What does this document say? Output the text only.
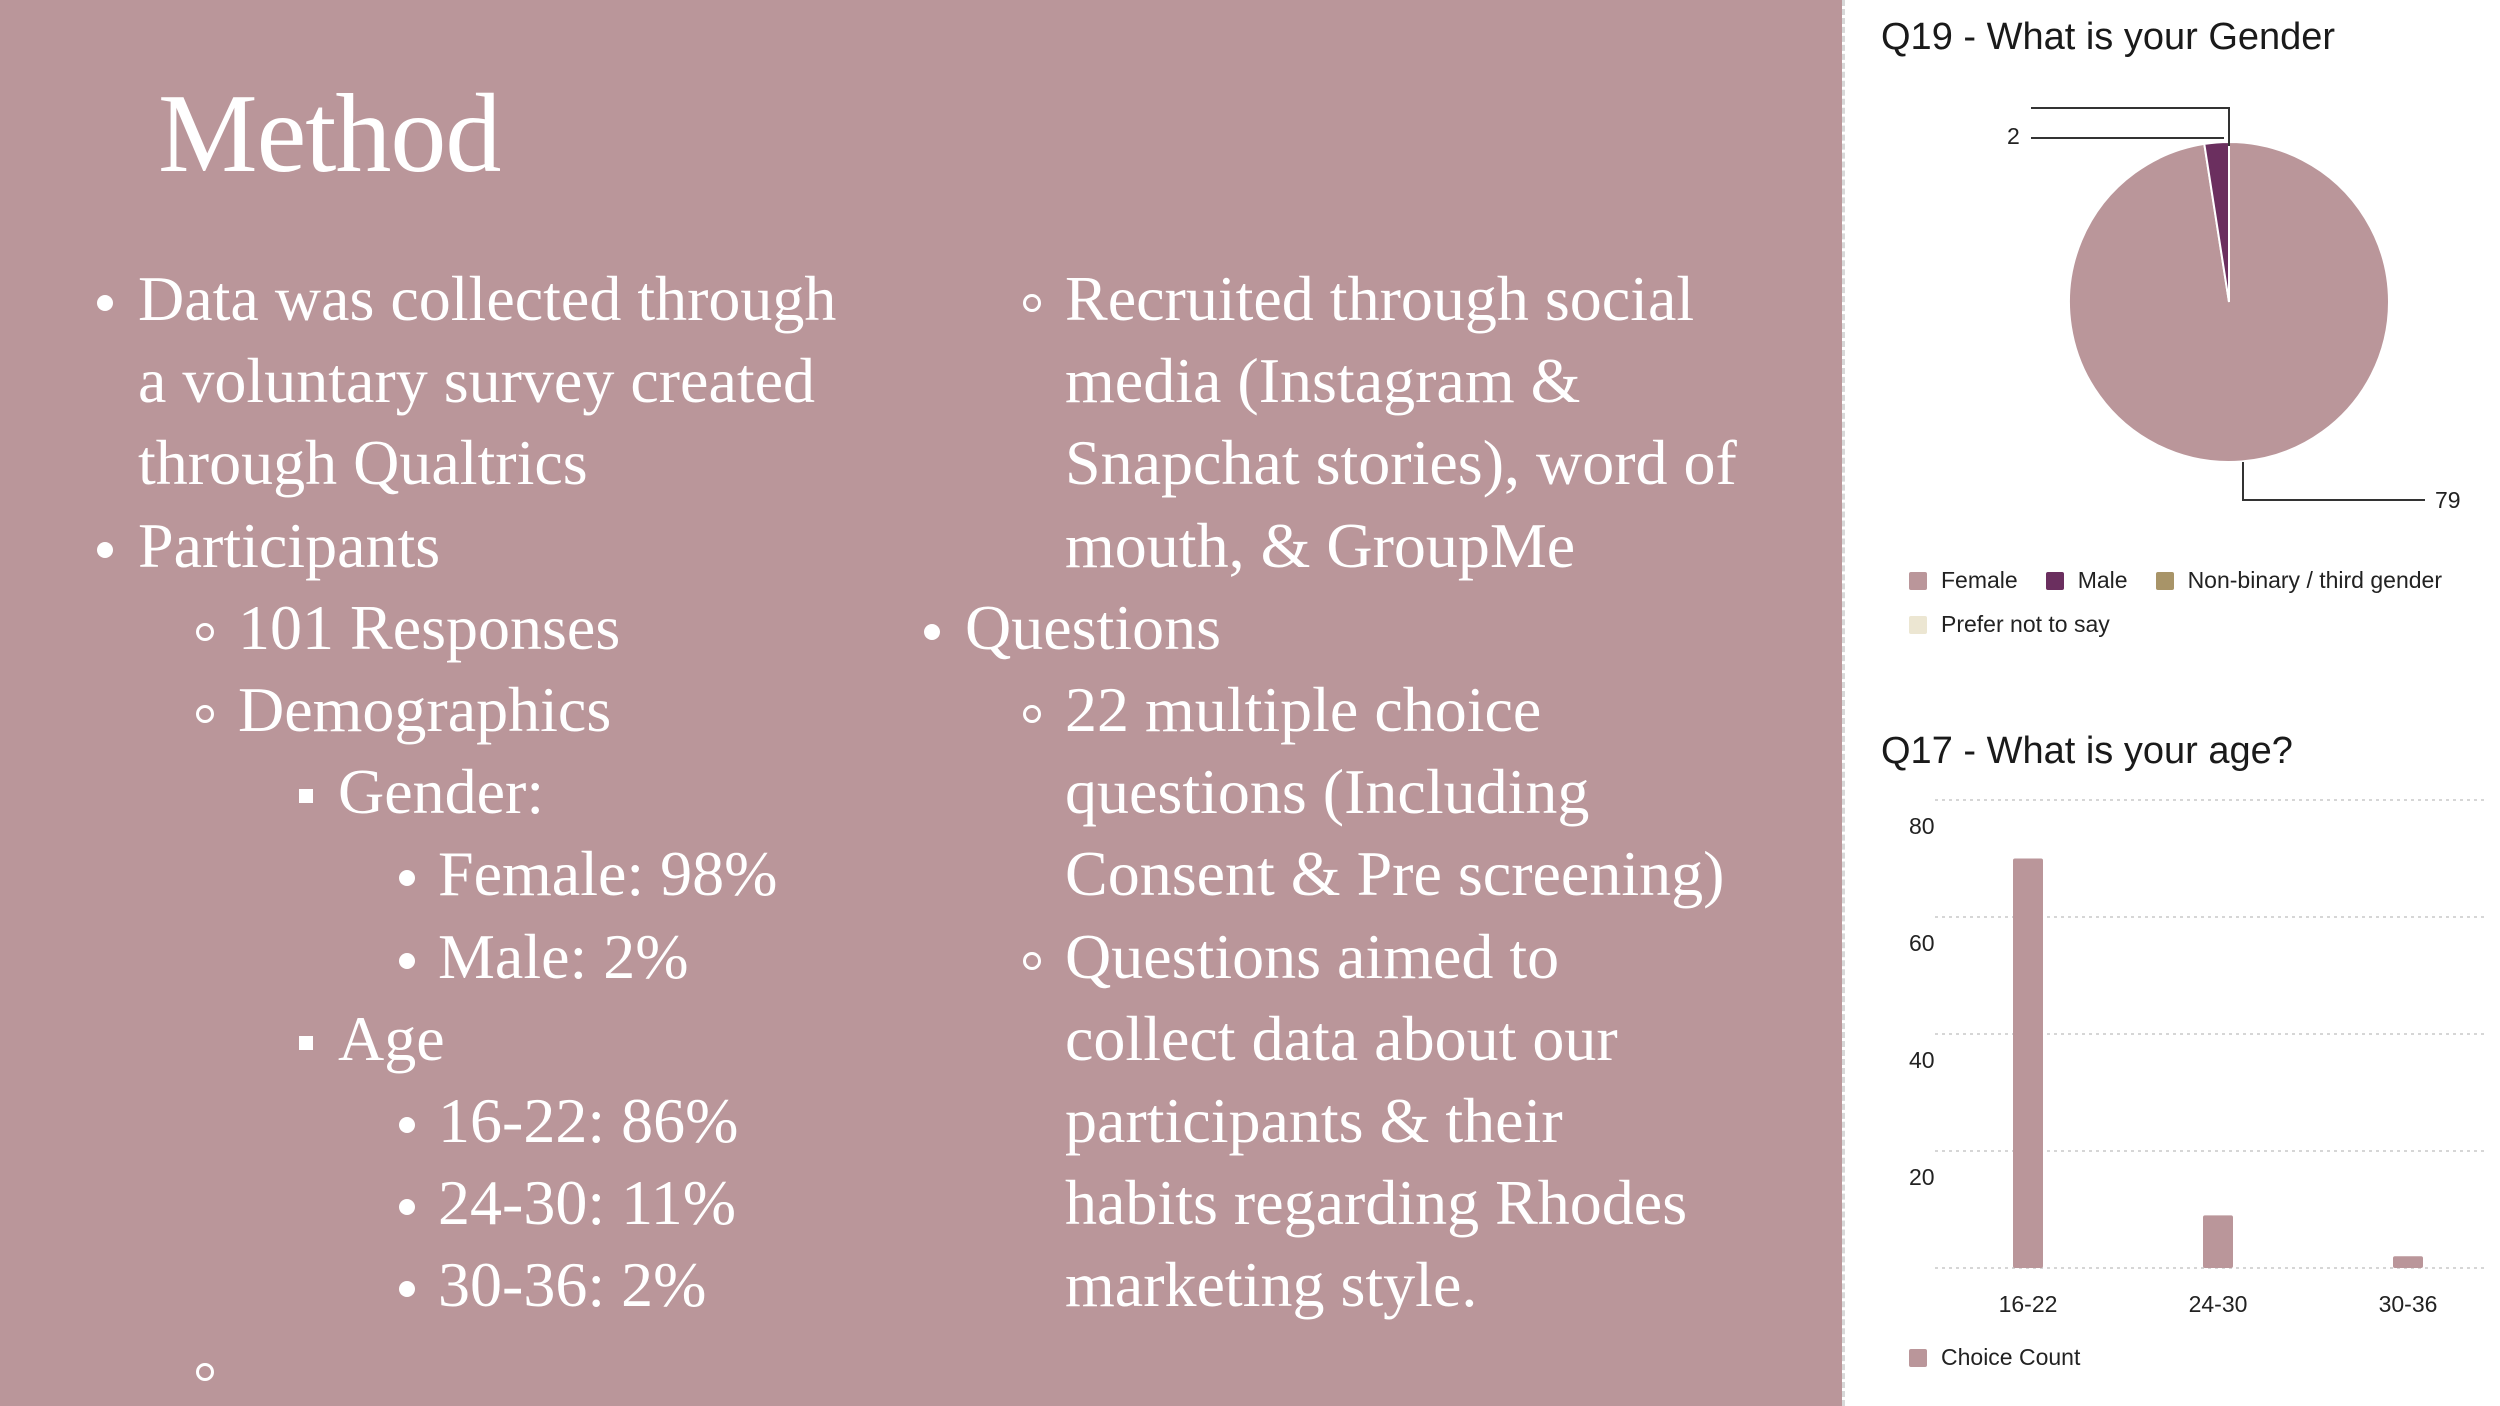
Method
Data was collected through
a voluntary survey created
through Qualtrics
Participants
101 Responses
Demographics
Gender:
Female: 98%
Male: 2%
Age
16-22: 86%
24-30: 11%
30-36: 2%
Recruited through social
media (Instagram &
Snapchat stories), word of
mouth, & GroupMe
Questions
22 multiple choice
questions (Including
Consent & Pre screening)
Questions aimed to
collect data about our
participants & their
habits regarding Rhodes
marketing style.
Q19 - What is your Gender
2
79
Female	Male	Non-binary / third gender
Prefer not to say
Q17 - What is your age?
20
40
60
80
16-22	24-30	30-36
Choice Count
